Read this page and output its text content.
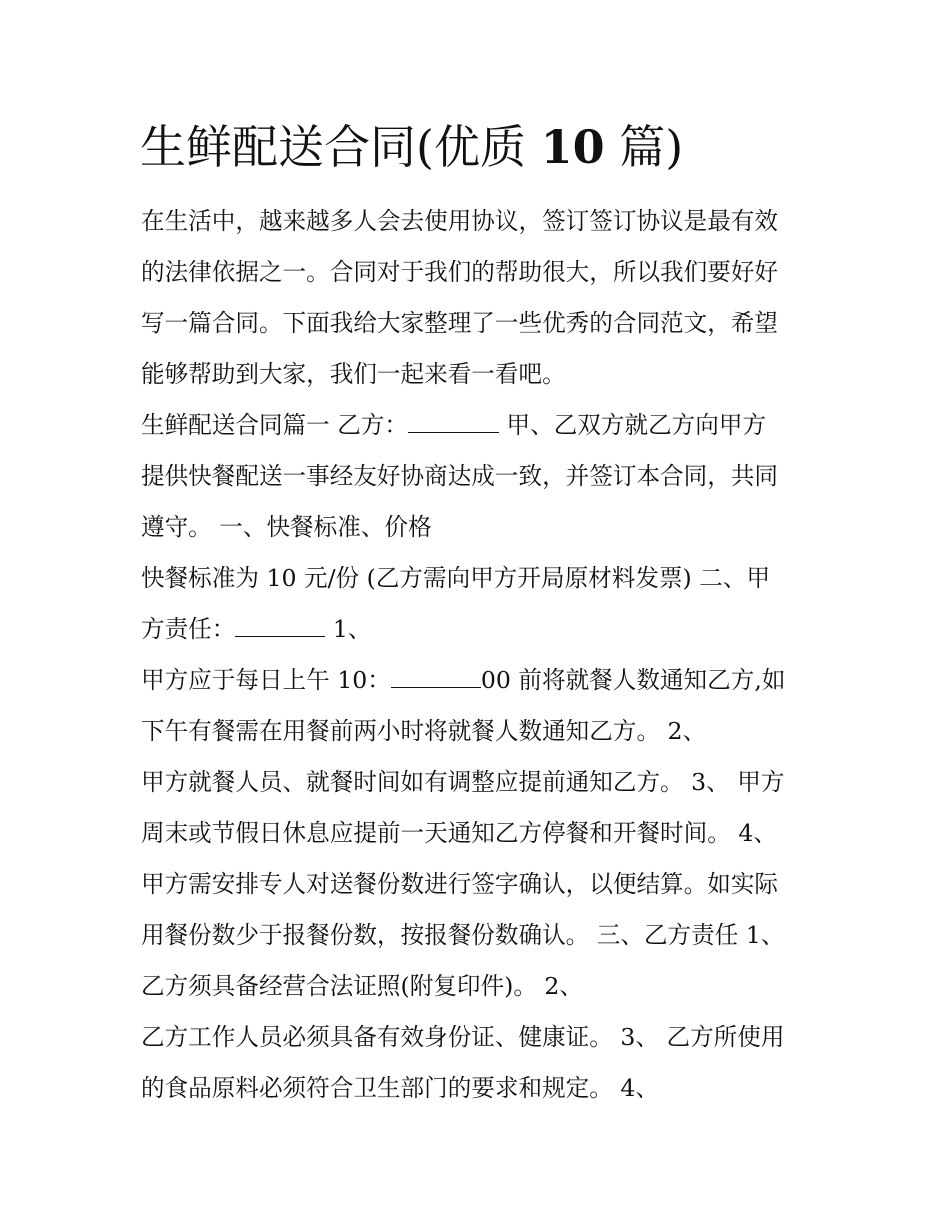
生鲜配送合同(优质 10 篇)
在生活中，越来越多人会去使用协议，签订签订协议是最有效
的法律依据之一。合同对于我们的帮助很大，所以我们要好好
写一篇合同。下面我给大家整理了一些优秀的合同范文，希望
能够帮助到大家，我们一起来看一看吧。
生鲜配送合同篇一 乙方：	甲、乙双方就乙方向甲方
提供快餐配送一事经友好协商达成一致，并签订本合同，共同
遵守。 一、快餐标准、价格
快餐标准为 10 元/份 (乙方需向甲方开局原材料发票) 二、甲
方责任：	1、
甲方应于每日上午 10：	00 前将就餐人数通知乙方,如
下午有餐需在用餐前两小时将就餐人数通知乙方。 2、
甲方就餐人员、就餐时间如有调整应提前通知乙方。 3、 甲方
周末或节假日休息应提前一天通知乙方停餐和开餐时间。 4、
甲方需安排专人对送餐份数进行签字确认，以便结算。如实际
用餐份数少于报餐份数，按报餐份数确认。 三、乙方责任 1、
乙方须具备经营合法证照(附复印件)。 2、
乙方工作人员必须具备有效身份证、健康证。 3、 乙方所使用
的食品原料必须符合卫生部门的要求和规定。 4、
